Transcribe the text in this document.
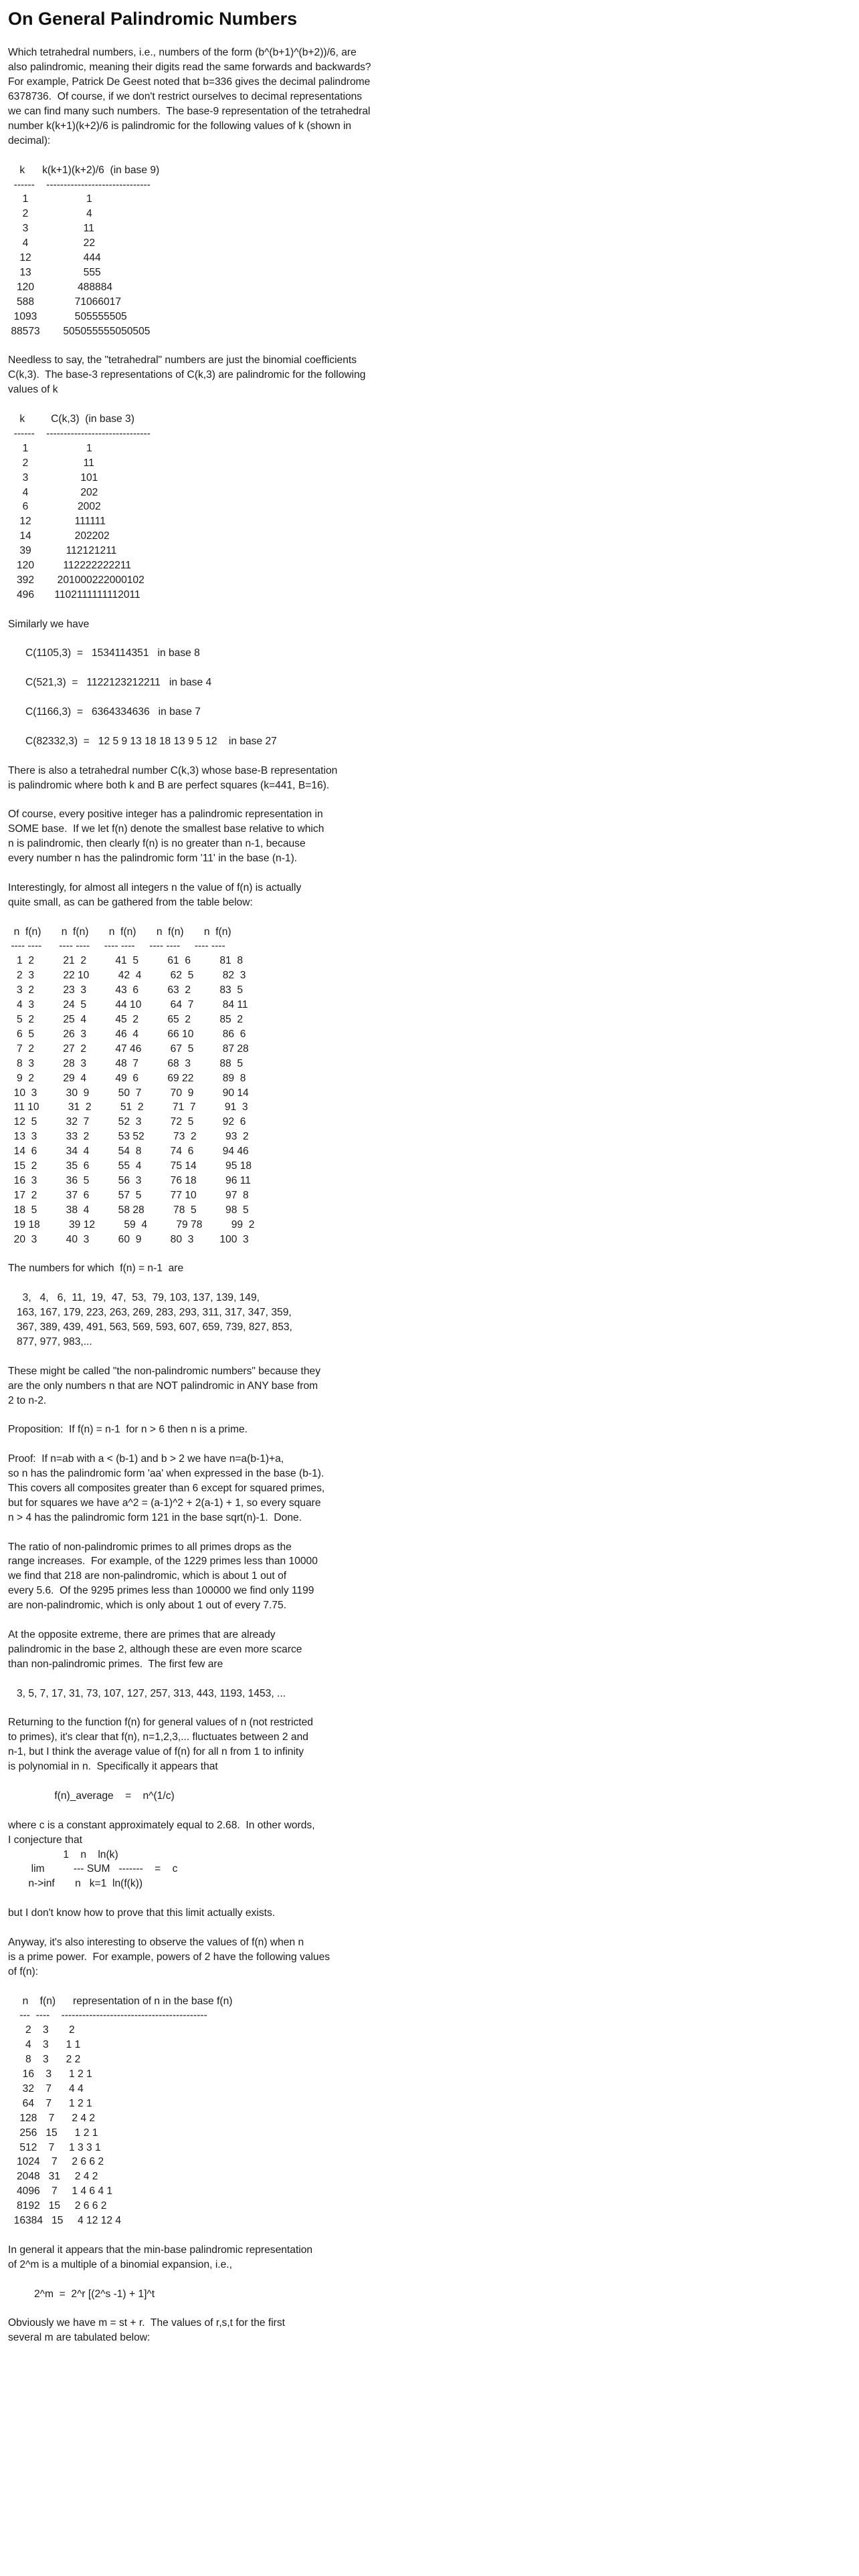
On General Palindromic Numbers
Which tetrahedral numbers, i.e., numbers of the form (b^(b+1)^(b+2))/6, are
also palindromic, meaning their digits read the same forwards and backwards?
For example, Patrick De Geest noted that b=336 gives the decimal palindrome
6378736.  Of course, if we don't restrict ourselves to decimal representations
we can find many such numbers.  The base-9 representation of the tetrahedral
number k(k+1)(k+2)/6 is palindromic for the following values of k (shown in
decimal):
k      k(k+1)(k+2)/6  (in base 9)
------    ------------------------------
1                    1
2                    4
3                   11
4                   22
12                  444
13                  555
120               488884
588              71066017
1093             505555505
88573        505055555050505
Needless to say, the "tetrahedral" numbers are just the binomial coefficients
C(k,3).  The base-3 representations of C(k,3) are palindromic for the following
values of k
k         C(k,3)  (in base 3)
------    ------------------------------
1                    1
2                   11
3                  101
4                  202
6                 2002
12               111111
14               202202
39            112121211
120          112222222211
392        201000222000102
496       1102111111112011
Similarly we have
C(1105,3)  =   1534114351   in base 8
C(521,3)  =   1122123212211   in base 4
C(1166,3)  =   6364334636   in base 7
C(82332,3)  =   12 5 9 13 18 18 13 9 5 12    in base 27
There is also a tetrahedral number C(k,3) whose base-B representation
is palindromic where both k and B are perfect squares (k=441, B=16).
Of course, every positive integer has a palindromic representation in
SOME base.  If we let f(n) denote the smallest base relative to which
n is palindromic, then clearly f(n) is no greater than n-1, because
every number n has the palindromic form '11' in the base (n-1).
Interestingly, for almost all integers n the value of f(n) is actually
quite small, as can be gathered from the table below:
n  f(n)       n  f(n)       n  f(n)       n  f(n)       n  f(n)
---- ----      ---- ----     ---- ----     ---- ----     ---- ----
1  2          21  2          41  5          61  6          81  8
2  3          22 10          42  4          62  5          82  3
3  2          23  3          43  6          63  2          83  5
4  3          24  5          44 10          64  7          84 11
5  2          25  4          45  2          65  2          85  2
6  5          26  3          46  4          66 10          86  6
7  2          27  2          47 46          67  5          87 28
8  3          28  3          48  7          68  3          88  5
9  2          29  4          49  6          69 22          89  8
10  3          30  9          50  7          70  9          90 14
11 10          31  2          51  2          71  7          91  3
12  5          32  7          52  3          72  5          92  6
13  3          33  2          53 52          73  2          93  2
14  6          34  4          54  8          74  6          94 46
15  2          35  6          55  4          75 14          95 18
16  3          36  5          56  3          76 18          96 11
17  2          37  6          57  5          77 10          97  8
18  5          38  4          58 28          78  5          98  5
19 18          39 12          59  4          79 78          99  2
20  3          40  3          60  9          80  3         100  3
The numbers for which  f(n) = n-1  are
3,   4,   6,  11,  19,  47,  53,  79, 103, 137, 139, 149,
163, 167, 179, 223, 263, 269, 283, 293, 311, 317, 347, 359,
367, 389, 439, 491, 563, 569, 593, 607, 659, 739, 827, 853,
877, 977, 983,...
These might be called "the non-palindromic numbers" because they
are the only numbers n that are NOT palindromic in ANY base from
2 to n-2.
Proposition:  If f(n) = n-1  for n > 6 then n is a prime.
Proof:  If n=ab with a < (b-1) and b > 2 we have n=a(b-1)+a,
so n has the palindromic form 'aa' when expressed in the base (b-1).
This covers all composites greater than 6 except for squared primes,
but for squares we have a^2 = (a-1)^2 + 2(a-1) + 1, so every square
n > 4 has the palindromic form 121 in the base sqrt(n)-1.  Done.
The ratio of non-palindromic primes to all primes drops as the
range increases.  For example, of the 1229 primes less than 10000
we find that 218 are non-palindromic, which is about 1 out of
every 5.6.  Of the 9295 primes less than 100000 we find only 1199
are non-palindromic, which is only about 1 out of every 7.75.
At the opposite extreme, there are primes that are already
palindromic in the base 2, although these are even more scarce
than non-palindromic primes.  The first few are
3, 5, 7, 17, 31, 73, 107, 127, 257, 313, 443, 1193, 1453, ...
Returning to the function f(n) for general values of n (not restricted
to primes), it's clear that f(n), n=1,2,3,... fluctuates between 2 and
n-1, but I think the average value of f(n) for all n from 1 to infinity
is polynomial in n.  Specifically it appears that
f(n)_average    =    n^(1/c)
where c is a constant approximately equal to 2.68.  In other words,
I conjecture that
1    n    ln(k)
lim          --- SUM   -------    =    c
n->inf       n   k=1  ln(f(k))
but I don't know how to prove that this limit actually exists.
Anyway, it's also interesting to observe the values of f(n) when n
is a prime power.  For example, powers of 2 have the following values
of f(n):
n    f(n)      representation of n in the base f(n)
---  ----    ------------------------------------------
2    3       2
4    3      1 1
8    3      2 2
16    3      1 2 1
32    7      4 4
64    7      1 2 1
128    7      2 4 2
256   15      1 2 1
512    7     1 3 3 1
1024    7     2 6 6 2
2048   31     2 4 2
4096    7     1 4 6 4 1
8192   15     2 6 6 2
16384   15     4 12 12 4
In general it appears that the min-base palindromic representation
of 2^m is a multiple of a binomial expansion, i.e.,
2^m  =  2^r [(2^s -1) + 1]^t
Obviously we have m = st + r.  The values of r,s,t for the first
several m are tabulated below:
